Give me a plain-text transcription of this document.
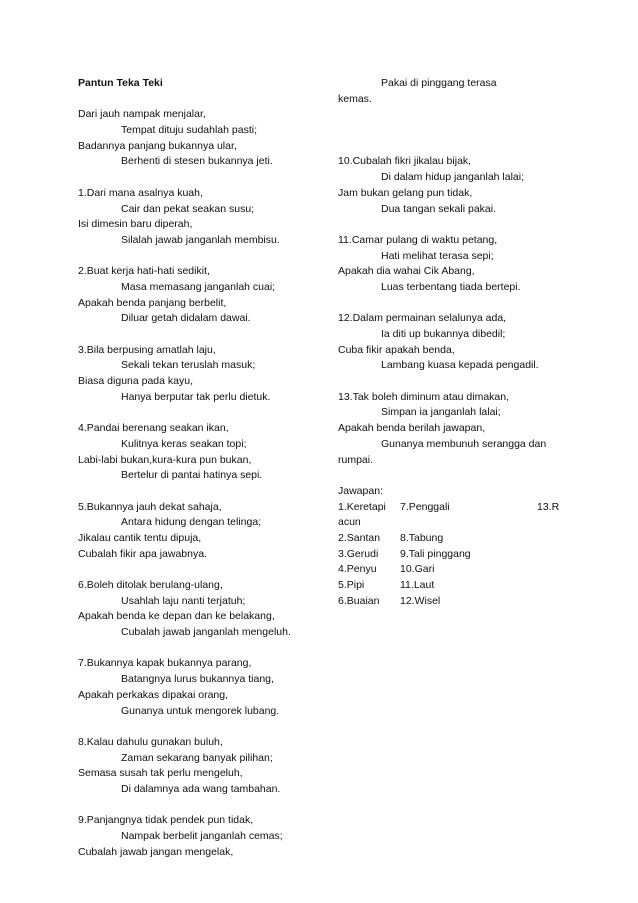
Pantun Teka Teki
Dari jauh nampak menjalar,
Tempat dituju sudahlah pasti;
Badannya panjang bukannya ular,
Berhenti di stesen bukannya jeti.
1.Dari mana asalnya kuah,
Cair dan pekat seakan susu;
Isi dimesin baru diperah,
Silalah jawab janganlah membisu.
2.Buat kerja hati-hati sedikit,
Masa memasang janganlah cuai;
Apakah benda panjang berbelit,
Diluar getah didalam dawai.
3.Bila berpusing amatlah laju,
Sekali tekan teruslah masuk;
Biasa diguna pada kayu,
Hanya berputar tak perlu dietuk.
4.Pandai berenang seakan ikan,
Kulitnya keras seakan topi;
Labi-labi bukan,kura-kura pun bukan,
Bertelur di pantai hatinya sepi.
5.Bukannya jauh dekat sahaja,
Antara hidung dengan telinga;
Jikalau cantik tentu dipuja,
Cubalah fikir apa jawabnya.
6.Boleh ditolak berulang-ulang,
Usahlah laju nanti terjatuh;
Apakah benda ke depan dan ke belakang,
Cubalah jawab janganlah mengeluh.
7.Bukannya kapak bukannya parang,
Batangnya lurus bukannya tiang,
Apakah perkakas dipakai orang,
Gunanya untuk mengorek lubang.
8.Kalau dahulu gunakan buluh,
Zaman sekarang banyak pilihan;
Semasa susah tak perlu mengeluh,
Di dalamnya ada wang tambahan.
9.Panjangnya tidak pendek pun tidak,
Nampak berbelit janganlah cemas;
Cubalah jawab jangan mengelak,
Pakai di pinggang terasa
kemas.
10.Cubalah fikri jikalau bijak,
Di dalam hidup janganlah lalai;
Jam bukan gelang pun tidak,
Dua tangan sekali pakai.
11.Camar pulang di waktu petang,
Hati melihat terasa sepi;
Apakah dia wahai Cik Abang,
Luas terbentang tiada bertepi.
12.Dalam permainan selalunya ada,
Ia diti up bukannya dibedil;
Cuba fikir apakah benda,
Lambang kuasa kepada pengadil.
13.Tak boleh diminum atau dimakan,
Simpan ia janganlah lalai;
Apakah benda berilah jawapan,
Gunanya membunuh serangga dan
rumpai.
Jawapan:
1.Keretapi 7.Penggali	13.R
acun
2.Santan 8.Tabung
3.Gerudi 9.Tali pinggang
4.Penyu 10.Gari
5.Pipi	11.Laut
6.Buaian 12.Wisel
